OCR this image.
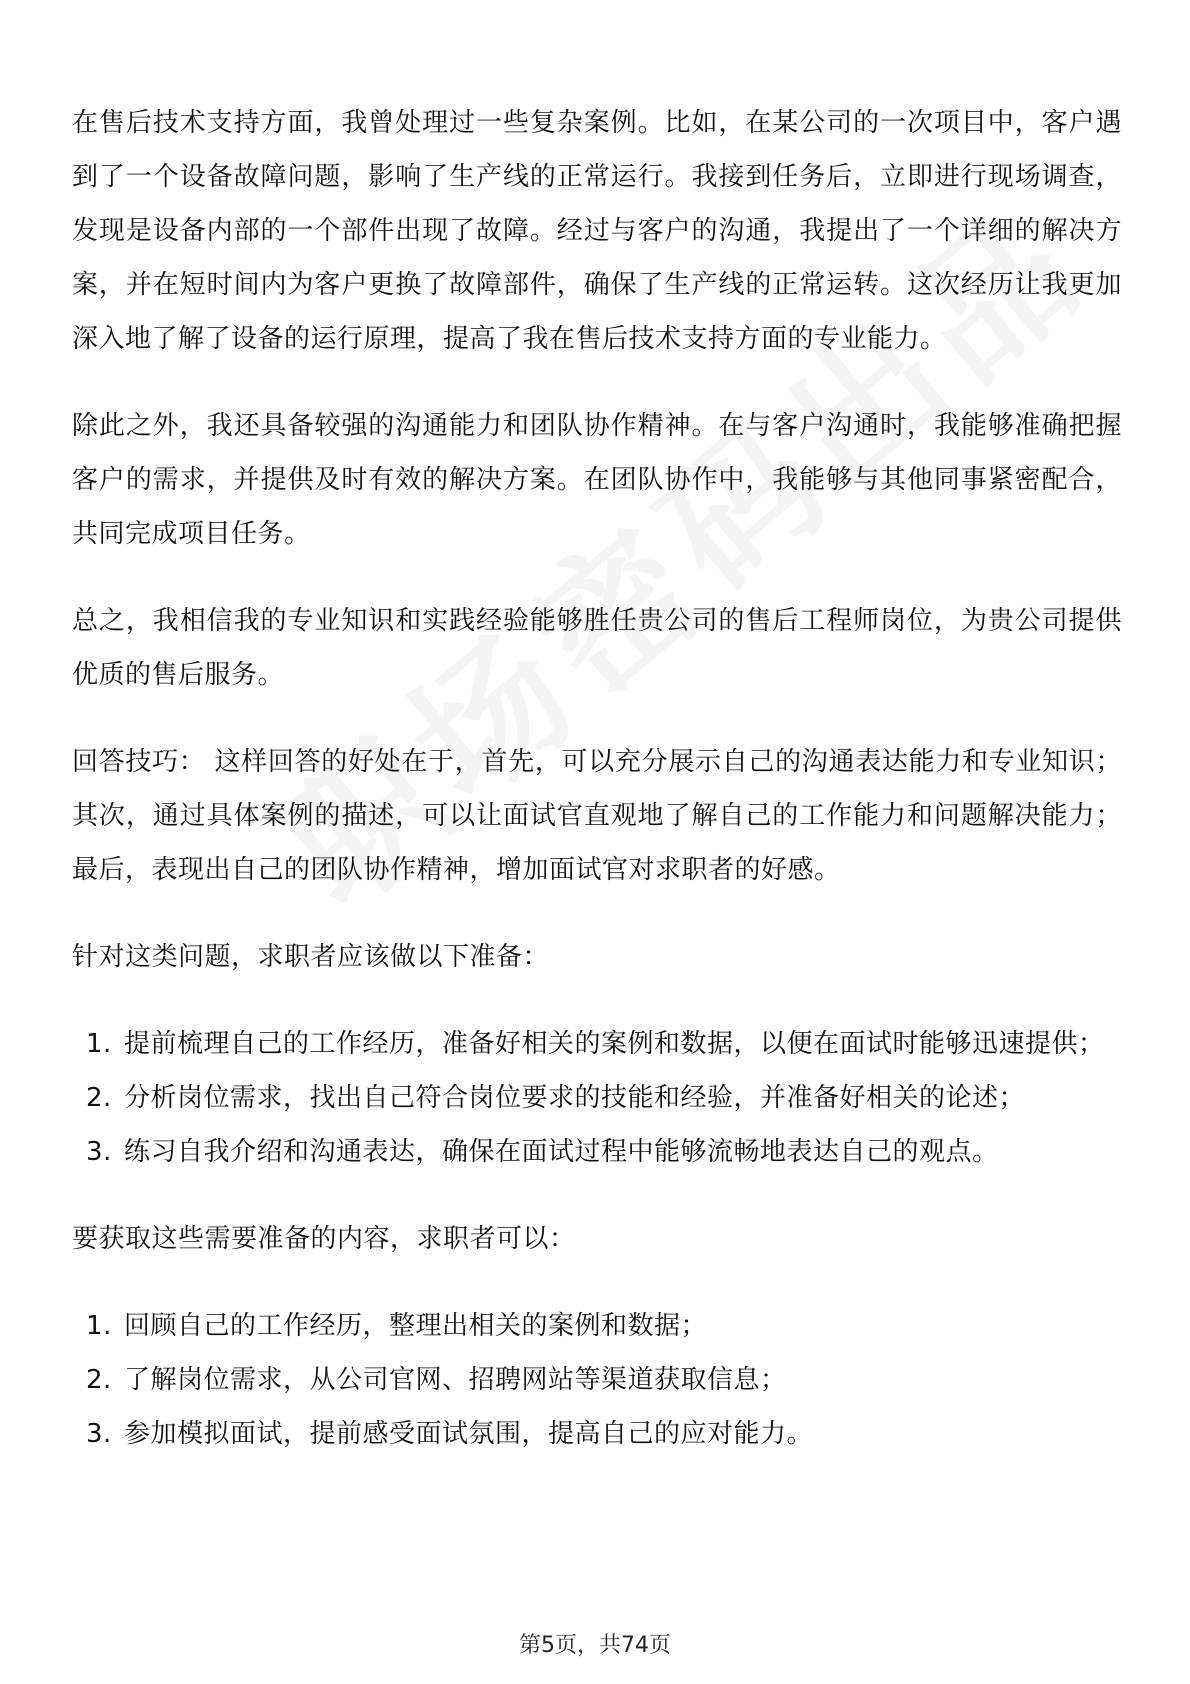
在售后技术支持方面，我曾处理过一些复杂案例。比如，在某公司的一次项目中，客户遇到了一个设备故障问题，影响了生产线的正常运行。我接到任务后，立即进行现场调查，发现是设备内部的一个部件出现了故障。经过与客户的沟通，我提出了一个详细的解决方案，并在短时间内为客户更换了故障部件，确保了生产线的正常运转。这次经历让我更加深入地了解了设备的运行原理，提高了我在售后技术支持方面的专业能力。

除此之外，我还具备较强的沟通能力和团队协作精神。在与客户沟通时，我能够准确把握客户的需求，并提供及时有效的解决方案。在团队协作中，我能够与其他同事紧密配合，共同完成项目任务。

总之，我相信我的专业知识和实践经验能够胜任贵公司的售后工程师岗位，为贵公司提供优质的售后服务。

回答技巧： 这样回答的好处在于，首先，可以充分展示自己的沟通表达能力和专业知识；其次，通过具体案例的描述，可以让面试官直观地了解自己的工作能力和问题解决能力；最后，表现出自己的团队协作精神，增加面试官对求职者的好感。

针对这类问题，求职者应该做以下准备：

1. 提前梳理自己的工作经历，准备好相关的案例和数据，以便在面试时能够迅速提供；
2. 分析岗位需求，找出自己符合岗位要求的技能和经验，并准备好相关的论述；
3. 练习自我介绍和沟通表达，确保在面试过程中能够流畅地表达自己的观点。

要获取这些需要准备的内容，求职者可以：

1. 回顾自己的工作经历，整理出相关的案例和数据；
2. 了解岗位需求，从公司官网、招聘网站等渠道获取信息；
3. 参加模拟面试，提前感受面试氛围，提高自己的应对能力。
第5页，共74页
